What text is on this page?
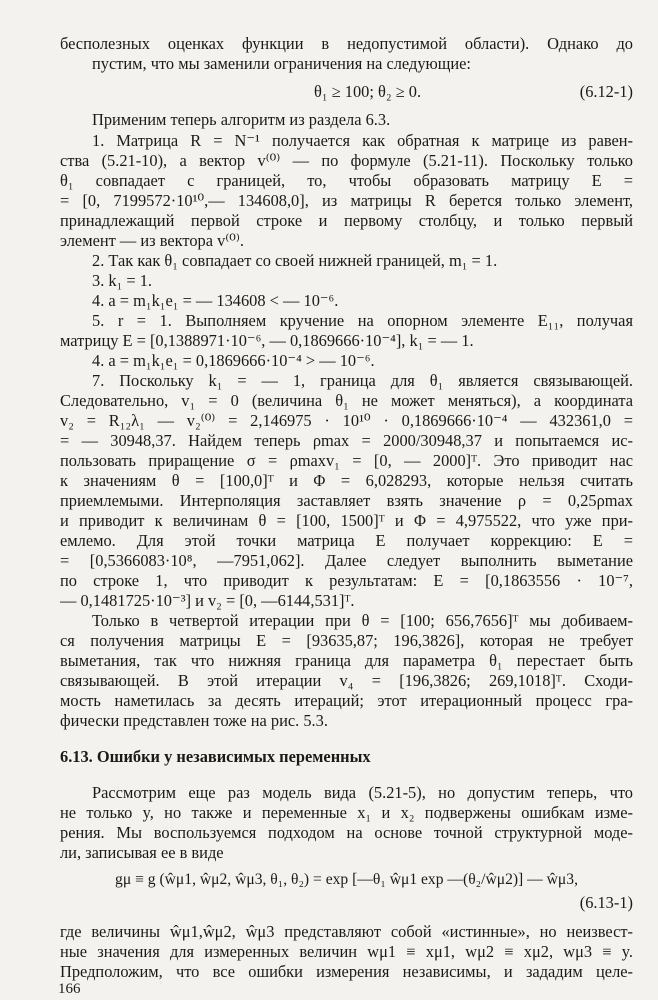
бесполезных оценках функции в недопустимой области). Однако до
пустим, что мы заменили ограничения на следующие:
θ₁ ≥ 100; θ₂ ≥ 0.	(6.12-1)
Применим теперь алгоритм из раздела 6.3.
1. Матрица R = N⁻¹ получается как обратная к матрице из равен-
ства (5.21-10), а вектор v⁽⁰⁾ — по формуле (5.21-11). Поскольку только
θ₁ совпадает с границей, то, чтобы образовать матрицу E =
= [0, 7199572·10¹⁰,— 134608,0], из матрицы R берется только элемент,
принадлежащий первой строке и первому столбцу, и только первый
элемент — из вектора v⁽⁰⁾.
2. Так как θ₁ совпадает со своей нижней границей, m₁ = 1.
3. k₁ = 1.
4. a = m₁k₁e₁ = — 134608 < — 10⁻⁶.
5. r = 1. Выполняем кручение на опорном элементе E₁₁, получая
матрицу E = [0,1388971·10⁻⁶, — 0,1869666·10⁻⁴], k₁ = — 1.
4. a = m₁k₁e₁ = 0,1869666·10⁻⁴ > — 10⁻⁶.
7. Поскольку k₁ = — 1, граница для θ₁ является связывающей.
Следовательно, v₁ = 0 (величина θ₁ не может меняться), а координата
v₂ = R₁₂λ₁ — v₂⁽⁰⁾ = 2,146975 · 10¹⁰ · 0,1869666·10⁻⁴ — 432361,0 =
= — 30948,37. Найдем теперь ρmax = 2000/30948,37 и попытаемся ис-
пользовать приращение σ = ρmaxv₁ = [0, — 2000]ᵀ. Это приводит нас
к значениям θ = [100,0]ᵀ и Φ = 6,028293, которые нельзя считать
приемлемыми. Интерполяция заставляет взять значение ρ = 0,25ρmax
и приводит к величинам θ = [100, 1500]ᵀ и Φ = 4,975522, что уже при-
емлемо. Для этой точки матрица E получает коррекцию: E =
= [0,5366083·10⁸, —7951,062]. Далее следует выполнить выметание
по строке 1, что приводит к результатам: E = [0,1863556 · 10⁻⁷,
— 0,1481725·10⁻³] и v₂ = [0, —6144,531]ᵀ.
Только в четвертой итерации при θ = [100; 656,7656]ᵀ мы добиваем-
ся получения матрицы E = [93635,87; 196,3826], которая не требует
выметания, так что нижняя граница для параметра θ₁ перестает быть
связывающей. В этой итерации v₄ = [196,3826; 269,1018]ᵀ. Сходи-
мость наметилась за десять итераций; этот итерационный процесс гра-
фически представлен тоже на рис. 5.3.
6.13. Ошибки у независимых переменных
Рассмотрим еще раз модель вида (5.21-5), но допустим теперь, что
не только y, но также и переменные x₁ и x₂ подвержены ошибкам изме-
рения. Мы воспользуемся подходом на основе точной структурной моде-
ли, записывая ее в виде
gμ ≡ g (ŵμ1, ŵμ2, ŵμ3, θ₁, θ₂) = exp [—θ₁ ŵμ1 exp —(θ₂/ŵμ2)] — ŵμ3,
(6.13-1)
где величины ŵμ1,ŵμ2, ŵμ3 представляют собой «истинные», но неизвест-
ные значения для измеренных величин wμ1 ≡ xμ1, wμ2 ≡ xμ2, wμ3 ≡ y.
Предположим, что все ошибки измерения независимы, и зададим целе-
166
